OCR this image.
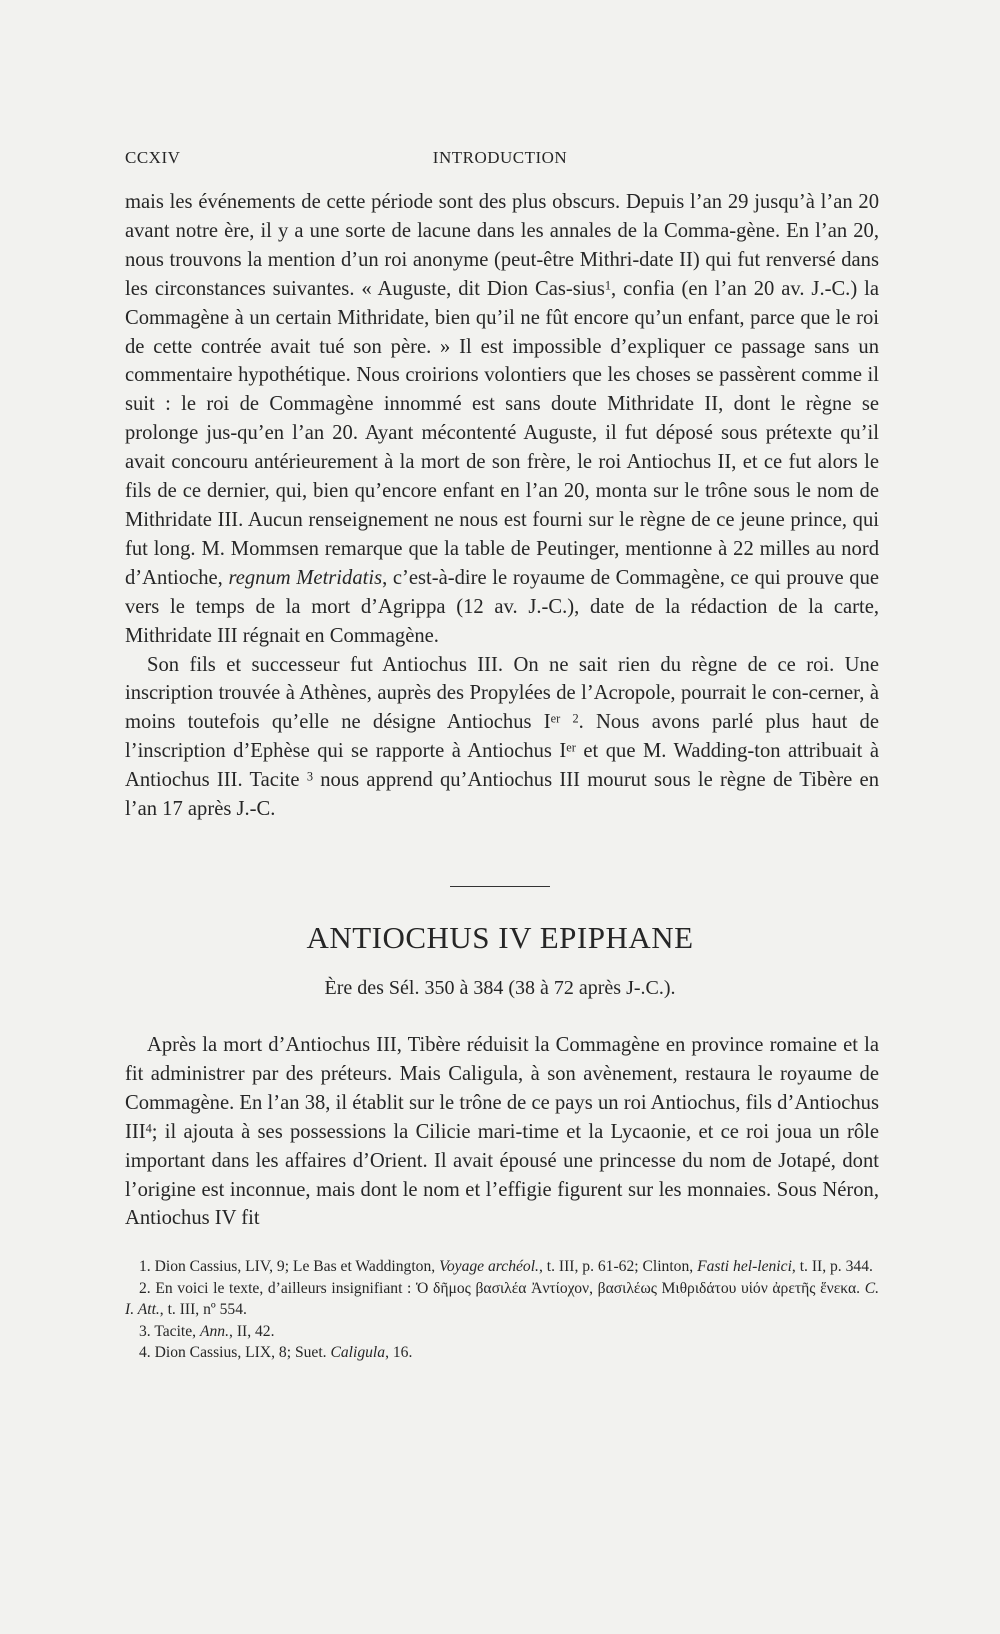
CCXIV	INTRODUCTION

mais les événements de cette période sont des plus obscurs. Depuis l’an 29 jusqu’à l’an 20 avant notre ère, il y a une sorte de lacune dans les annales de la Comma-gène. En l’an 20, nous trouvons la mention d’un roi anonyme (peut-être Mithri-date II) qui fut renversé dans les circonstances suivantes. « Auguste, dit Dion Cas-sius$^1$, confia (en l’an 20 av. J.-C.) la Commagène à un certain Mithridate, bien qu’il ne fût encore qu’un enfant, parce que le roi de cette contrée avait tué son père. » Il est impossible d’expliquer ce passage sans un commentaire hypothétique. Nous croirions volontiers que les choses se passèrent comme il suit : le roi de Commagène innommé est sans doute Mithridate II, dont le règne se prolonge jus-qu’en l’an 20. Ayant mécontenté Auguste, il fut déposé sous prétexte qu’il avait concouru antérieurement à la mort de son frère, le roi Antiochus II, et ce fut alors le fils de ce dernier, qui, bien qu’encore enfant en l’an 20, monta sur le trône sous le nom de Mithridate III. Aucun renseignement ne nous est fourni sur le règne de ce jeune prince, qui fut long. M. Mommsen remarque que la table de Peutinger, mentionne à 22 milles au nord d’Antioche, regnum Metridatis, c’est-à-dire le royaume de Commagène, ce qui prouve que vers le temps de la mort d’Agrippa (12 av. J.-C.), date de la rédaction de la carte, Mithridate III régnait en Commagène.

Son fils et successeur fut Antiochus III. On ne sait rien du règne de ce roi. Une inscription trouvée à Athènes, auprès des Propylées de l’Acropole, pourrait le con-cerner, à moins toutefois qu’elle ne désigne Antiochus Ier $^2$. Nous avons parlé plus haut de l’inscription d’Ephèse qui se rapporte à Antiochus Ier et que M. Wadding-ton attribuait à Antiochus III. Tacite $^3$ nous apprend qu’Antiochus III mourut sous le règne de Tibère en l’an 17 après J.-C.

ANTIOCHUS IV EPIPHANE
Ère des Sél. 350 à 384 (38 à 72 après J-.C.).

Après la mort d’Antiochus III, Tibère réduisit la Commagène en province romaine et la fit administrer par des préteurs. Mais Caligula, à son avènement, restaura le royaume de Commagène. En l’an 38, il établit sur le trône de ce pays un roi Antiochus, fils d’Antiochus III$^4$; il ajouta à ses possessions la Cilicie mari-time et la Lycaonie, et ce roi joua un rôle important dans les affaires d’Orient. Il avait épousé une princesse du nom de Jotapé, dont l’origine est inconnue, mais dont le nom et l’effigie figurent sur les monnaies. Sous Néron, Antiochus IV fit

1. Dion Cassius, LIV, 9; Le Bas et Waddington, Voyage archéol., t. III, p. 61-62; Clinton, Fasti hel-lenici, t. II, p. 344.

2. En voici le texte, d’ailleurs insignifiant : Ὁ δῆμος βασιλέα Ἀντίοχον, βασιλέως Μιθριδάτου υἱόν ἀρετῆς ἕνεκα. C. I. Att., t. III, nº 554.

3. Tacite, Ann., II, 42.

4. Dion Cassius, LIX, 8; Suet. Caligula, 16.
